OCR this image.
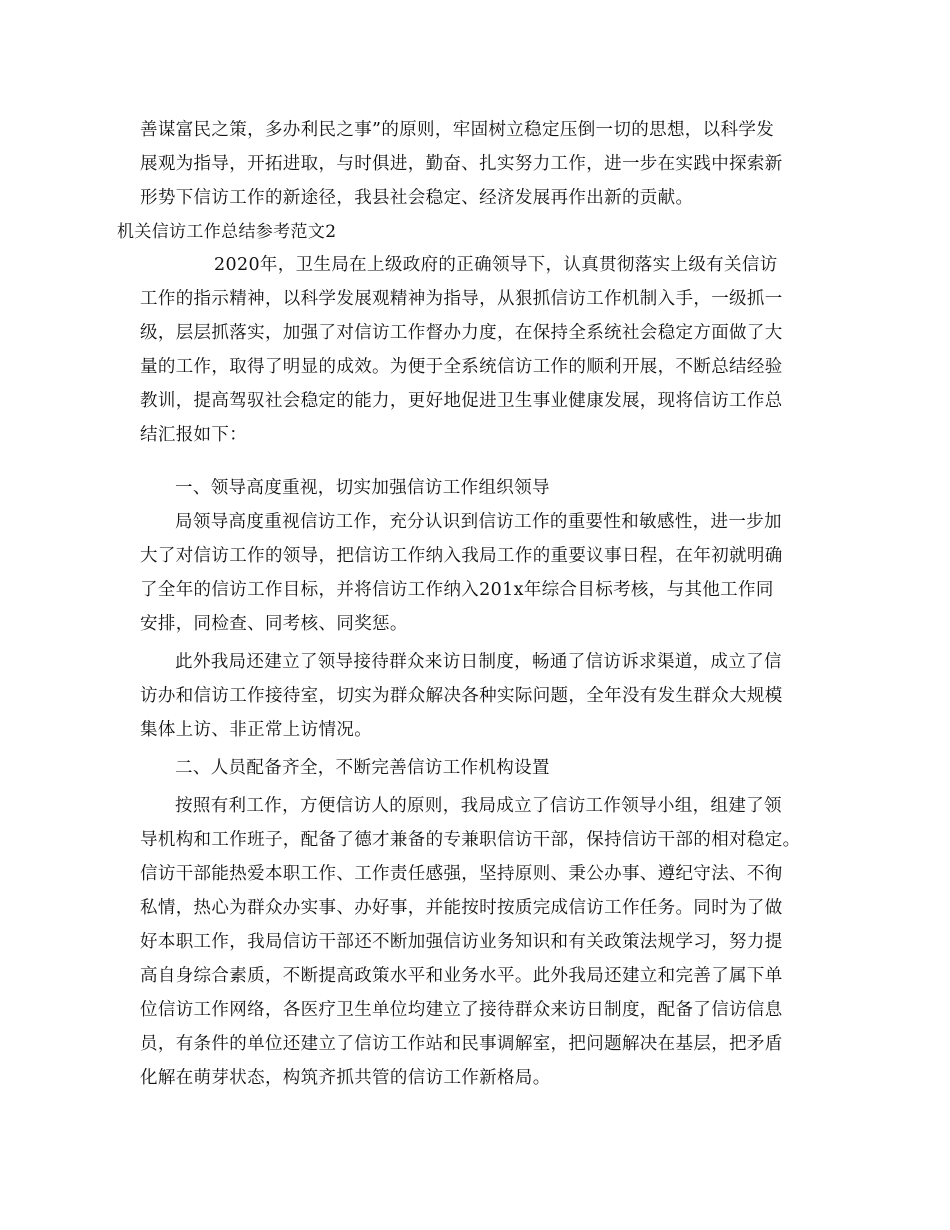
善谋富民之策，多办利民之事”的原则，牢固树立稳定压倒一切的思想，以科学发
展观为指导，开拓进取，与时俱进，勤奋、扎实努力工作，进一步在实践中探索新
形势下信访工作的新途径，我县社会稳定、经济发展再作出新的贡献。
机关信访工作总结参考范文2
2020年，卫生局在上级政府的正确领导下，认真贯彻落实上级有关信访
工作的指示精神，以科学发展观精神为指导，从狠抓信访工作机制入手，一级抓一
级，层层抓落实，加强了对信访工作督办力度，在保持全系统社会稳定方面做了大
量的工作，取得了明显的成效。为便于全系统信访工作的顺利开展，不断总结经验
教训，提高驾驭社会稳定的能力，更好地促进卫生事业健康发展，现将信访工作总
结汇报如下：
一、领导高度重视，切实加强信访工作组织领导
局领导高度重视信访工作，充分认识到信访工作的重要性和敏感性，进一步加
大了对信访工作的领导，把信访工作纳入我局工作的重要议事日程，在年初就明确
了全年的信访工作目标，并将信访工作纳入201x年综合目标考核，与其他工作同
安排，同检查、同考核、同奖惩。
此外我局还建立了领导接待群众来访日制度，畅通了信访诉求渠道，成立了信
访办和信访工作接待室，切实为群众解决各种实际问题，全年没有发生群众大规模
集体上访、非正常上访情况。
二、人员配备齐全，不断完善信访工作机构设置
按照有利工作，方便信访人的原则，我局成立了信访工作领导小组，组建了领
导机构和工作班子，配备了德才兼备的专兼职信访干部，保持信访干部的相对稳定。
信访干部能热爱本职工作、工作责任感强，坚持原则、秉公办事、遵纪守法、不徇
私情，热心为群众办实事、办好事，并能按时按质完成信访工作任务。同时为了做
好本职工作，我局信访干部还不断加强信访业务知识和有关政策法规学习，努力提
高自身综合素质，不断提高政策水平和业务水平。此外我局还建立和完善了属下单
位信访工作网络，各医疗卫生单位均建立了接待群众来访日制度，配备了信访信息
员，有条件的单位还建立了信访工作站和民事调解室，把问题解决在基层，把矛盾
化解在萌芽状态，构筑齐抓共管的信访工作新格局。
